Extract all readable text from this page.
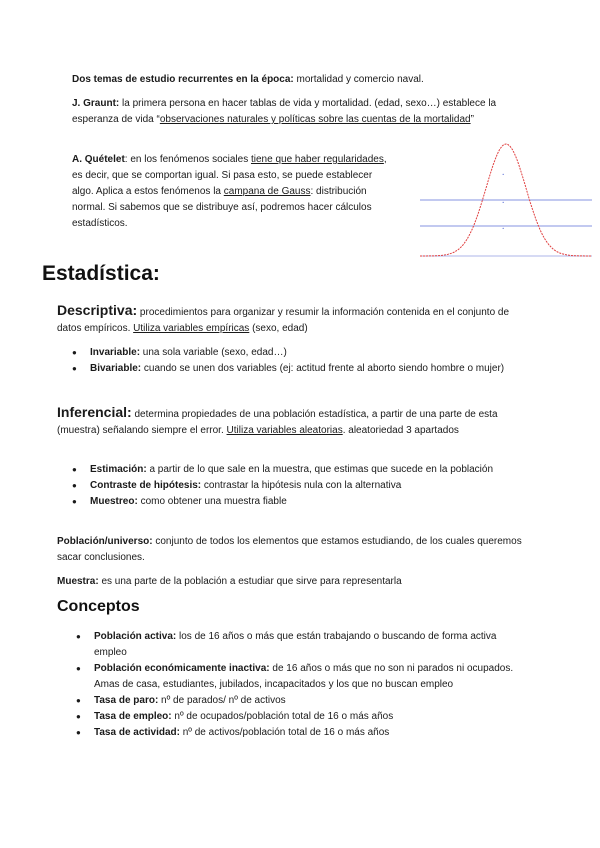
Dos temas de estudio recurrentes en la época: mortalidad y comercio naval.
J. Graunt: la primera persona en hacer tablas de vida y mortalidad. (edad, sexo…) establece la esperanza de vida “observaciones naturales y políticas sobre las cuentas de la mortalidad”
A. Quételet: en los fenómenos sociales tiene que haber regularidades, es decir, que se comportan igual. Si pasa esto, se puede establecer algo. Aplica a estos fenómenos la campana de Gauss: distribución normal. Si sabemos que se distribuye así, podremos hacer cálculos estadísticos.
•
•
•
Estadística:
Descriptiva: procedimientos para organizar y resumir la información contenida en el conjunto de datos empíricos. Utiliza variables empíricas (sexo, edad)
● Invariable: una sola variable (sexo, edad…)
● Bivariable: cuando se unen dos variables (ej: actitud frente al aborto siendo hombre o mujer)
Inferencial: determina propiedades de una población estadística, a partir de una parte de esta (muestra) señalando siempre el error. Utiliza variables aleatorias. aleatoriedad 3 apartados
● Estimación: a partir de lo que sale en la muestra, que estimas que sucede en la población
● Contraste de hipótesis: contrastar la hipótesis nula con la alternativa
● Muestreo: como obtener una muestra fiable
Población/universo: conjunto de todos los elementos que estamos estudiando, de los cuales queremos sacar conclusiones.
Muestra: es una parte de la población a estudiar que sirve para representarla
Conceptos
● Población activa: los de 16 años o más que están trabajando o buscando de forma activa empleo
● Población económicamente inactiva: de 16 años o más que no son ni parados ni ocupados. Amas de casa, estudiantes, jubilados, incapacitados y los que no buscan empleo
● Tasa de paro: nº de parados/ nº de activos
● Tasa de empleo: nº de ocupados/población total de 16 o más años
● Tasa de actividad: nº de activos/población total de 16 o más años
